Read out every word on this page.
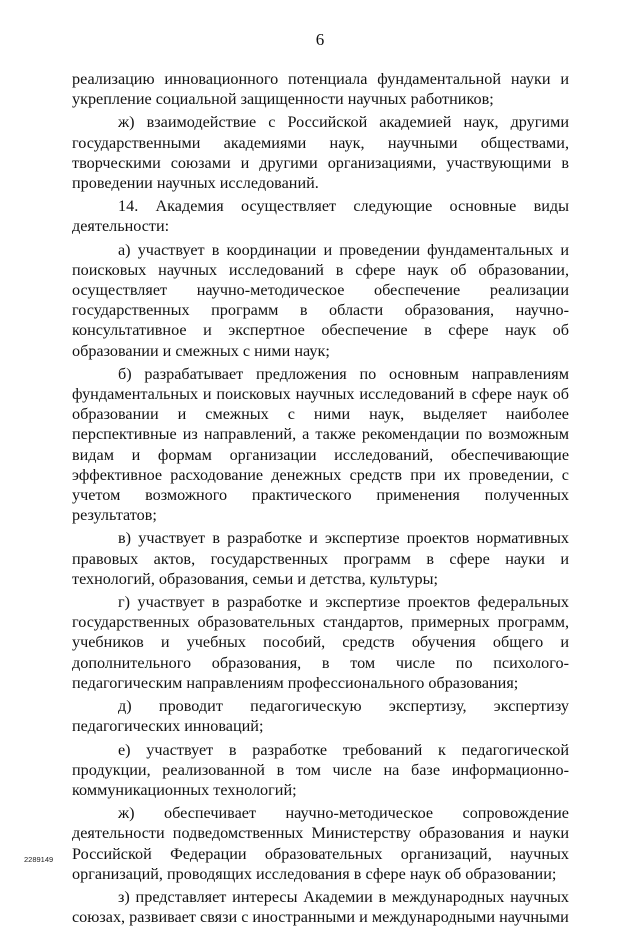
6

реализацию инновационного потенциала фундаментальной науки и укрепление социальной защищенности научных работников;

ж) взаимодействие с Российской академией наук, другими государственными академиями наук, научными обществами, творческими союзами и другими организациями, участвующими в проведении научных исследований.

14. Академия осуществляет следующие основные виды деятельности:

а) участвует в координации и проведении фундаментальных и поисковых научных исследований в сфере наук об образовании, осуществляет научно-методическое обеспечение реализации государственных программ в области образования, научно-консультативное и экспертное обеспечение в сфере наук об образовании и смежных с ними наук;

б) разрабатывает предложения по основным направлениям фундаментальных и поисковых научных исследований в сфере наук об образовании и смежных с ними наук, выделяет наиболее перспективные из направлений, а также рекомендации по возможным видам и формам организации исследований, обеспечивающие эффективное расходование денежных средств при их проведении, с учетом возможного практического применения полученных результатов;

в) участвует в разработке и экспертизе проектов нормативных правовых актов, государственных программ в сфере науки и технологий, образования, семьи и детства, культуры;

г) участвует в разработке и экспертизе проектов федеральных государственных образовательных стандартов, примерных программ, учебников и учебных пособий, средств обучения общего и дополнительного образования, в том числе по психолого-педагогическим направлениям профессионального образования;

д) проводит педагогическую экспертизу, экспертизу педагогических инноваций;

е) участвует в разработке требований к педагогической продукции, реализованной в том числе на базе информационно-коммуникационных технологий;

ж) обеспечивает научно-методическое сопровождение деятельности подведомственных Министерству образования и науки Российской Федерации образовательных организаций, научных организаций, проводящих исследования в сфере наук об образовании;

з) представляет интересы Академии в международных научных союзах, развивает связи с иностранными и международными научными

2289149
